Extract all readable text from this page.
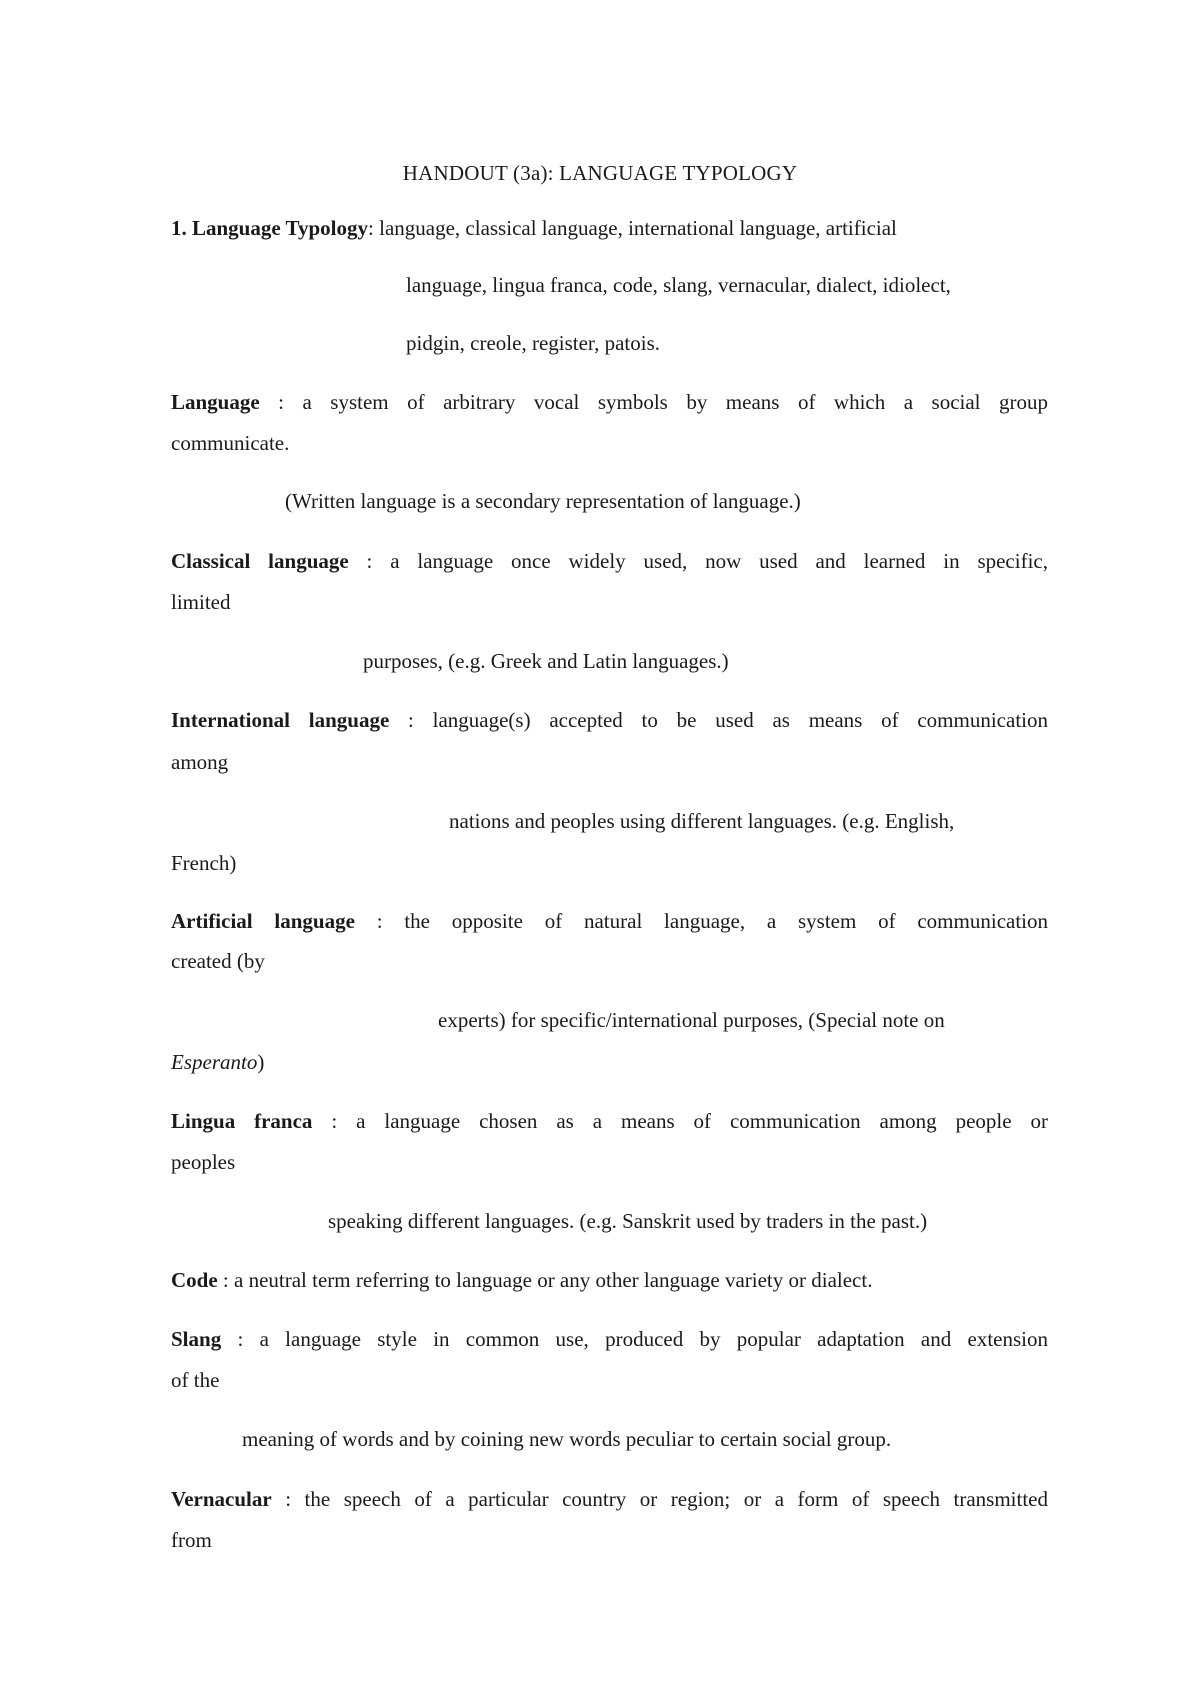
HANDOUT (3a): LANGUAGE TYPOLOGY

1. Language Typology: language, classical language, international language, artificial

language, lingua franca, code, slang, vernacular, dialect, idiolect,

pidgin, creole, register, patois.

Language : a system of arbitrary vocal symbols by means of which a social group

communicate.

(Written language is a secondary representation of language.)

Classical language : a language once widely used, now used and learned in specific,

limited

purposes, (e.g. Greek and Latin languages.)

International language : language(s) accepted to be used as means of communication

among

nations and peoples using different languages. (e.g. English,

French)

Artificial language : the opposite of natural language, a system of communication

created (by

experts) for specific/international purposes, (Special note on

Esperanto)

Lingua franca : a language chosen as a means of communication among people or

peoples

speaking different languages. (e.g. Sanskrit used by traders in the past.)

Code : a neutral term referring to language or any other language variety or dialect.

Slang : a language style in common use, produced by popular adaptation and extension

of the

meaning of words and by coining new words peculiar to certain social group.

Vernacular : the speech of a particular country or region; or a form of speech transmitted

from
